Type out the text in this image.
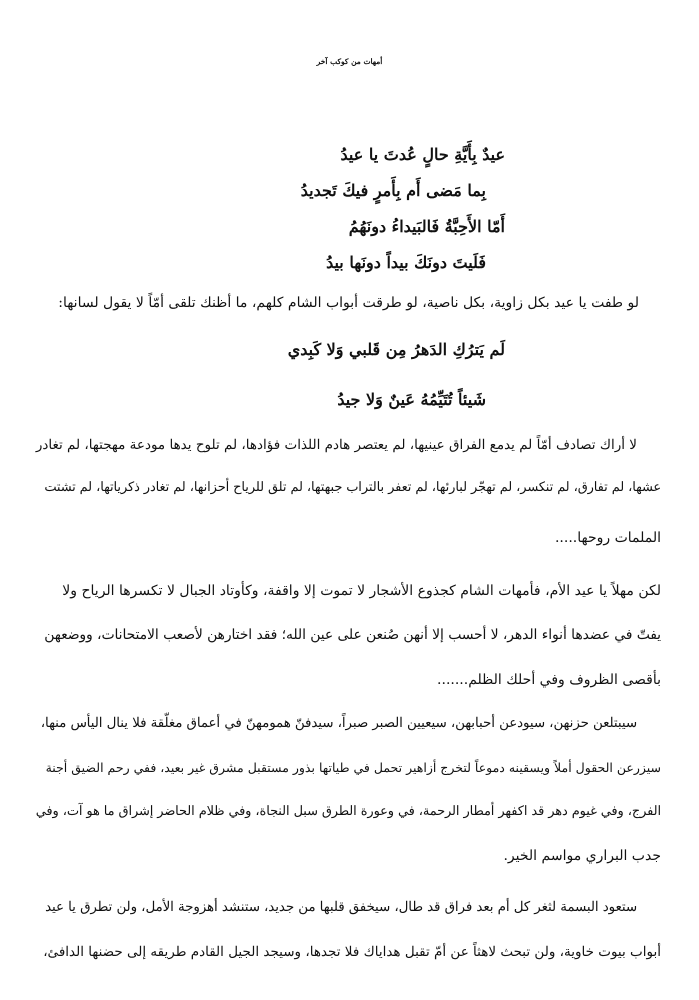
أمهات من كوكب آخر
عيدٌ بِأَيَّةِ حالٍ عُدتَ يا عيدُ
بِما مَضى أَم بِأَمرٍ فيكَ تَجديدُ
أَمّا الأَحِبَّةُ فَالبَيداءُ دونَهُمُ
فَلَيتَ دونَكَ بيداً دونَها بيدُ
لو طفت يا عيد بكل زاوية، بكل ناصية، لو طرقت أبواب الشام كلهم، ما أظنك تلقى أمّاً لا يقول لسانها:
لَم يَترُكِ الدَهرُ مِن قَلبي وَلا كَبِدي
شَيئاً تُتَيِّمُهُ عَينٌ وَلا جيدُ
لا أراك تصادف أمّاً لم يدمع الفراق عينيها، لم يعتصر هادم اللذات فؤادها، لم تلوح يدها مودعة مهجتها، لم تغادر
عشها، لم تفارق، لم تنكسر، لم تهجّر لبارئها، لم تعفر بالتراب جبهتها، لم تلق للرياح أحزانها، لم تغادر ذكرياتها، لم تشتت
الملمات روحها.....
لكن مهلاً يا عيد الأم، فأمهات الشام كجذوع الأشجار لا تموت إلا واقفة، وكأوتاد الجبال لا تكسرها الرياح ولا
يفتّ في عضدها أنواء الدهر، لا أحسب إلا أنهن صُنعن على عين الله؛ فقد اختارهن لأصعب الامتحانات، ووضعهن
بأقصى الظروف وفي أحلك الظلم.......
سيبتلعن حزنهن، سيودعن أحبابهن، سيعيين الصبر صبراً، سيدفنّ همومهنّ في أعماق مغلّقة فلا ينال اليأس منها،
سيزرعن الحقول أملاً ويسقينه دموعاً لتخرج أزاهير تحمل في طياتها بذور مستقبل مشرق غير بعيد، ففي رحم الضيق أجنة
الفرج، وفي غيوم دهر قد اكفهر أمطار الرحمة، في وعورة الطرق سبل النجاة، وفي ظلام الحاضر إشراق ما هو آت، وفي
جدب البراري مواسم الخير.
ستعود البسمة لثغر كل أم بعد فراق قد طال، سيخفق قلبها من جديد، ستنشد أهزوجة الأمل، ولن تطرق يا عيد
أبواب بيوت خاوية، ولن تبحث لاهثاً عن أمّ تقبل هداياك فلا تجدها، وسيجد الجيل القادم طريقه إلى حضنها الدافئ،
